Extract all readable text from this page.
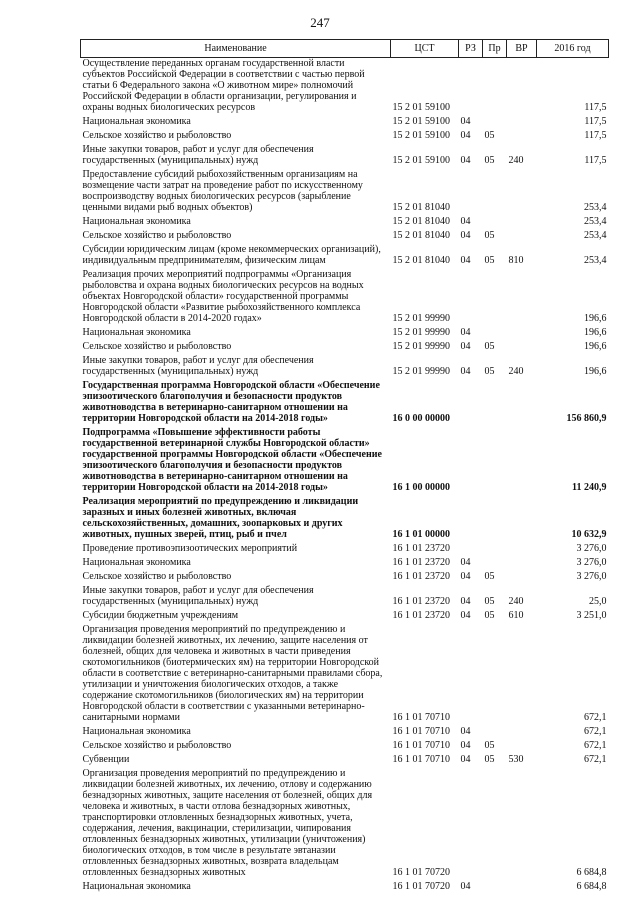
247
Наименование	ЦСТ	РЗ	Пр	ВР	2016 год
Осуществление переданных органам государственной власти субъектов Российской Федерации в соответствии с частью первой статьи 6 Федерального закона «О животном мире» полномочий Российской Федерации в области организации, регулирования и охраны водных биологических ресурсов	15 2 01 59100				117,5
Национальная экономика	15 2 01 59100	04			117,5
Сельское хозяйство и рыболовство	15 2 01 59100	04	05		117,5
Иные закупки товаров, работ и услуг для обеспечения государственных (муниципальных) нужд	15 2 01 59100	04	05	240	117,5
Предоставление субсидий рыбохозяйственным организациям на возмещение части затрат на проведение работ по искусственному воспроизводству водных биологических ресурсов (зарыбление ценными видами рыб водных объектов)	15 2 01 81040				253,4
Национальная экономика	15 2 01 81040	04			253,4
Сельское хозяйство и рыболовство	15 2 01 81040	04	05		253,4
Субсидии юридическим лицам (кроме некоммерческих организаций), индивидуальным предпринимателям, физическим лицам	15 2 01 81040	04	05	810	253,4
Реализация прочих мероприятий подпрограммы «Организация рыболовства и охрана водных биологических ресурсов на водных объектах Новгородской области» государственной программы Новгородской области «Развитие рыбохозяйственного комплекса Новгородской области в 2014-2020 годах»	15 2 01 99990				196,6
Национальная экономика	15 2 01 99990	04			196,6
Сельское хозяйство и рыболовство	15 2 01 99990	04	05		196,6
Иные закупки товаров, работ и услуг для обеспечения государственных (муниципальных) нужд	15 2 01 99990	04	05	240	196,6
Государственная программа Новгородской области «Обеспечение эпизоотического благополучия и безопасности продуктов животноводства в ветеринарно-санитарном отношении на территории Новгородской области на 2014-2018 годы»	16 0 00 00000				156 860,9
Подпрограмма «Повышение эффективности работы государственной ветеринарной службы Новгородской области» государственной программы Новгородской области «Обеспечение эпизоотического благополучия и безопасности продуктов животноводства в ветеринарно-санитарном отношении на территории Новгородской области на 2014-2018 годы»	16 1 00 00000				11 240,9
Реализация мероприятий по предупреждению и ликвидации заразных и иных болезней животных, включая сельскохозяйственных, домашних, зоопарковых и других животных, пушных зверей, птиц, рыб и пчел	16 1 01 00000				10 632,9
Проведение противоэпизоотических мероприятий	16 1 01 23720				3 276,0
Национальная экономика	16 1 01 23720	04			3 276,0
Сельское хозяйство и рыболовство	16 1 01 23720	04	05		3 276,0
Иные закупки товаров, работ и услуг для обеспечения государственных (муниципальных) нужд	16 1 01 23720	04	05	240	25,0
Субсидии бюджетным учреждениям	16 1 01 23720	04	05	610	3 251,0
Организация проведения мероприятий по предупреждению и ликвидации болезней животных, их лечению, защите населения от болезней, общих для человека и животных в части приведения скотомогильников (биотермических ям) на территории Новгородской области в соответствие с ветеринарно-санитарными правилами сбора, утилизации и уничтожения биологических отходов, а также содержание скотомогильников (биологических ям) на территории Новгородской области в соответствии с указанными ветеринарно-санитарными нормами	16 1 01 70710				672,1
Национальная экономика	16 1 01 70710	04			672,1
Сельское хозяйство и рыболовство	16 1 01 70710	04	05		672,1
Субвенции	16 1 01 70710	04	05	530	672,1
Организация проведения мероприятий по предупреждению и ликвидации болезней животных, их лечению, отлову и содержанию безнадзорных животных, защите населения от болезней, общих для человека и животных, в части отлова безнадзорных животных, транспортировки отловленных безнадзорных животных, учета, содержания, лечения, вакцинации, стерилизации, чипирования отловленных безнадзорных животных, утилизации (уничтожения) биологических отходов, в том числе в результате эвтаназии отловленных безнадзорных животных, возврата владельцам отловленных безнадзорных животных	16 1 01 70720				6 684,8
Национальная экономика	16 1 01 70720	04			6 684,8
